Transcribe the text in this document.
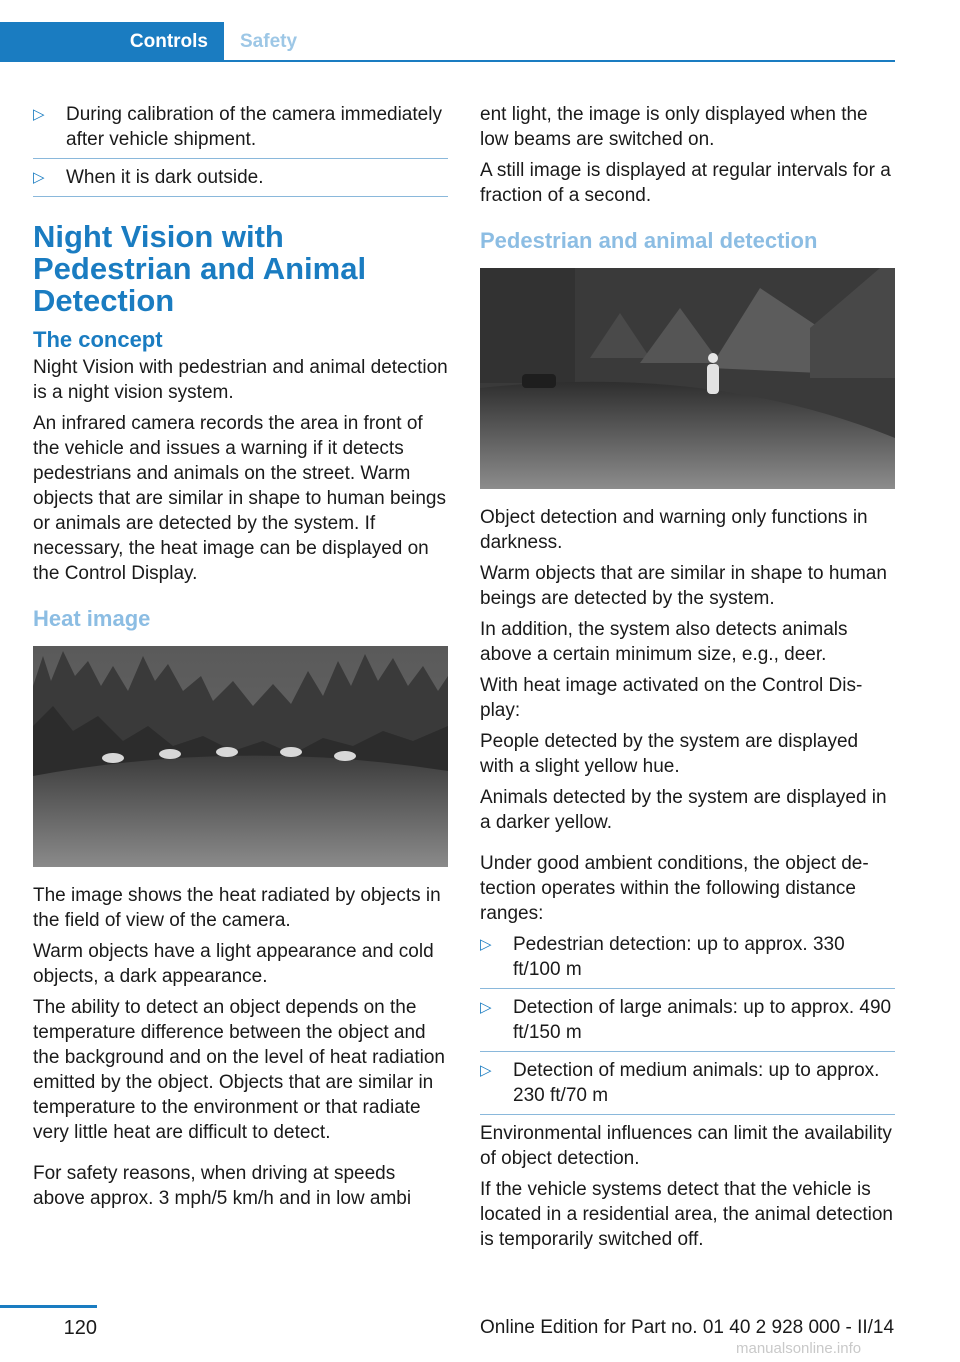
Controls	Safety
▷ During calibration of the camera immediately after vehicle shipment.
▷ When it is dark outside.
Night Vision with Pedestrian and Animal Detection
The concept

Night Vision with pedestrian and animal detection is a night vision system.

An infrared camera records the area in front of the vehicle and issues a warning if it detects pedestrians and animals on the street. Warm objects that are similar in shape to human beings or animals are detected by the system. If necessary, the heat image can be displayed on the Control Display.

Heat image

The image shows the heat radiated by objects in the field of view of the camera.

Warm objects have a light appearance and cold objects, a dark appearance.

The ability to detect an object depends on the temperature difference between the object and the background and on the level of heat radiation emitted by the object. Objects that are similar in temperature to the environment or that radiate very little heat are difficult to detect.

For safety reasons, when driving at speeds above approx. 3 mph/5 km/h and in low ambi

ent light, the image is only displayed when the low beams are switched on.

A still image is displayed at regular intervals for a fraction of a second.

Pedestrian and animal detection

Object detection and warning only functions in darkness.

Warm objects that are similar in shape to human beings are detected by the system.

In addition, the system also detects animals above a certain minimum size, e.g., deer.

With heat image activated on the Control Display:

People detected by the system are displayed with a slight yellow hue.

Animals detected by the system are displayed in a darker yellow.

Under good ambient conditions, the object detection operates within the following distance ranges:

▷ Pedestrian detection: up to approx. 330 ft/100 m
▷ Detection of large animals: up to approx. 490 ft/150 m
▷ Detection of medium animals: up to approx. 230 ft/70 m

Environmental influences can limit the availability of object detection.

If the vehicle systems detect that the vehicle is located in a residential area, the animal detection is temporarily switched off.

120	Online Edition for Part no. 01 40 2 928 000 - II/14
manualsonline.info
